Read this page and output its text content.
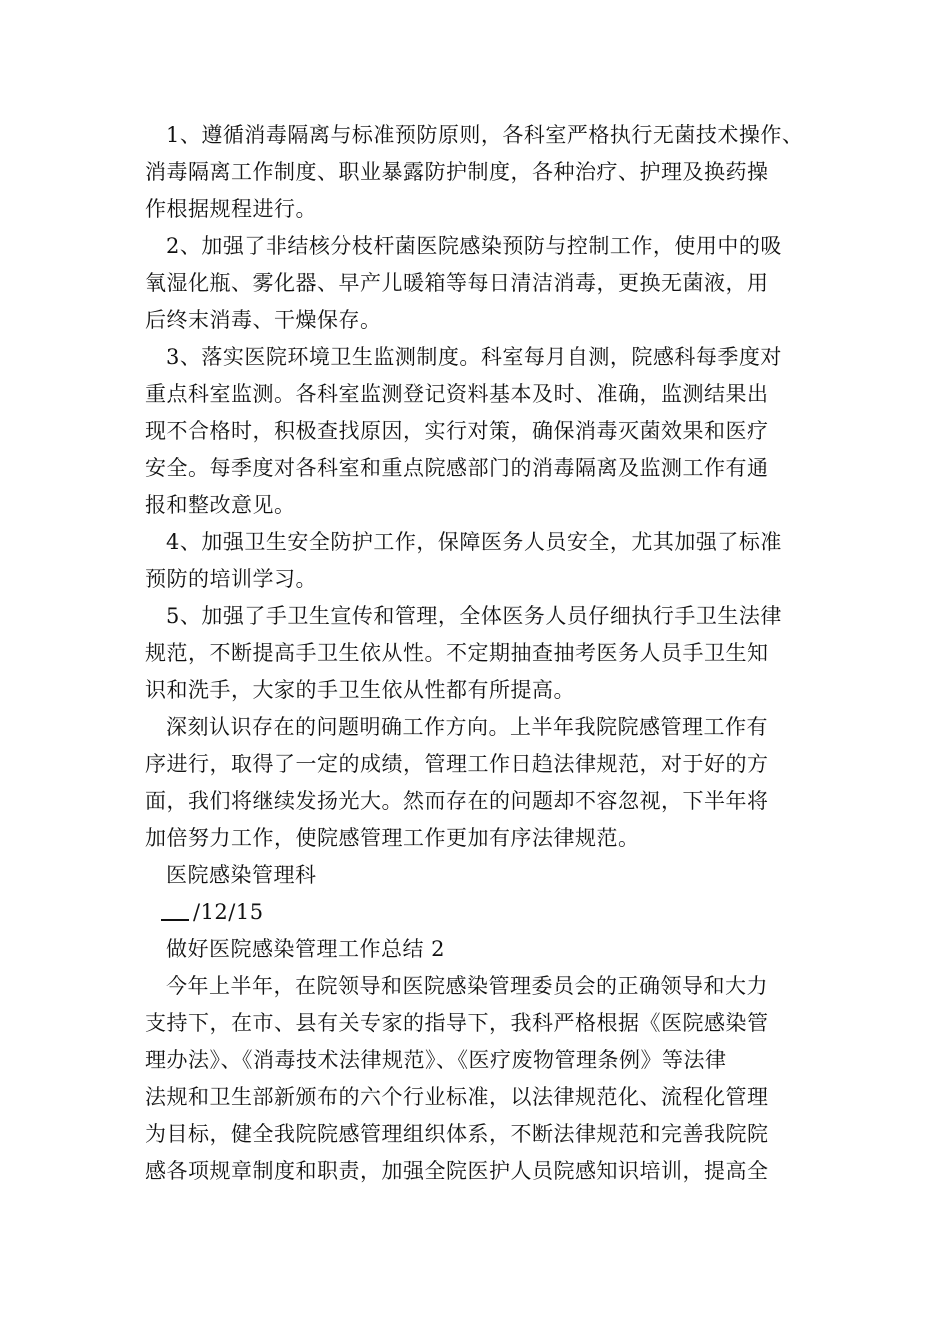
1、遵循消毒隔离与标准预防原则，各科室严格执行无菌技术操作、
消毒隔离工作制度、职业暴露防护制度，各种治疗、护理及换药操
作根据规程进行。

2、加强了非结核分枝杆菌医院感染预防与控制工作，使用中的吸
氧湿化瓶、雾化器、早产儿暖箱等每日清洁消毒，更换无菌液，用
后终末消毒、干燥保存。

3、落实医院环境卫生监测制度。科室每月自测，院感科每季度对
重点科室监测。各科室监测登记资料基本及时、准确，监测结果出
现不合格时，积极查找原因，实行对策，确保消毒灭菌效果和医疗
安全。每季度对各科室和重点院感部门的消毒隔离及监测工作有通
报和整改意见。

4、加强卫生安全防护工作，保障医务人员安全，尤其加强了标准
预防的培训学习。

5、加强了手卫生宣传和管理，全体医务人员仔细执行手卫生法律
规范，不断提高手卫生依从性。不定期抽查抽考医务人员手卫生知
识和洗手，大家的手卫生依从性都有所提高。

深刻认识存在的问题明确工作方向。上半年我院院感管理工作有
序进行，取得了一定的成绩，管理工作日趋法律规范，对于好的方
面，我们将继续发扬光大。然而存在的问题却不容忽视，下半年将
加倍努力工作，使院感管理工作更加有序法律规范。

医院感染管理科
/12/15

做好医院感染管理工作总结 2

今年上半年，在院领导和医院感染管理委员会的正确领导和大力
支持下，在市、县有关专家的指导下，我科严格根据《医院感染管
理办法》、《消毒技术法律规范》、《医疗废物管理条例》等法律
法规和卫生部新颁布的六个行业标准，以法律规范化、流程化管理
为目标，健全我院院感管理组织体系，不断法律规范和完善我院院
感各项规章制度和职责，加强全院医护人员院感知识培训，提高全
